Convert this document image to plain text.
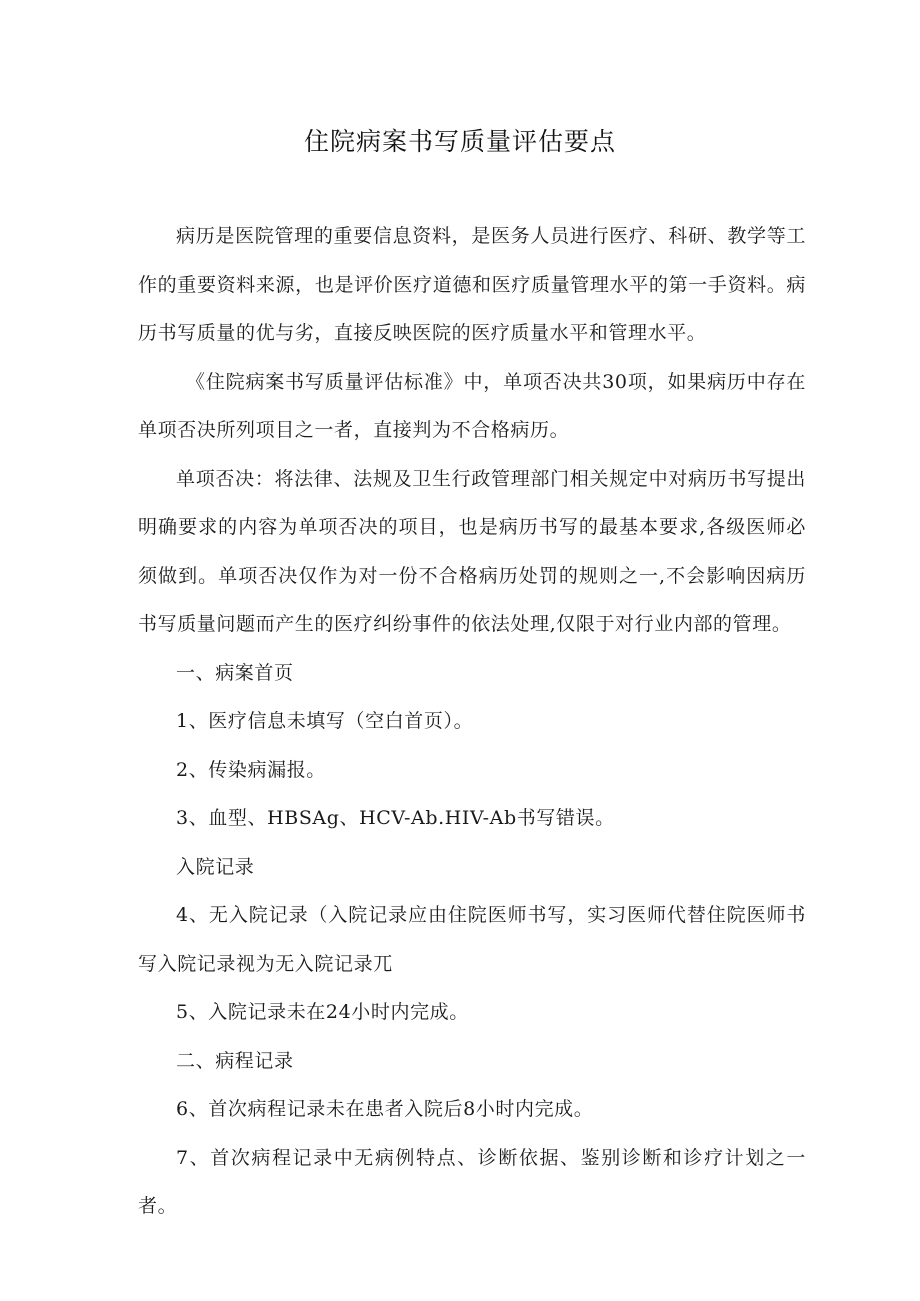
住院病案书写质量评估要点

病历是医院管理的重要信息资料，是医务人员进行医疗、科研、教学等工作的重要资料来源，也是评价医疗道德和医疗质量管理水平的第一手资料。病历书写质量的优与劣，直接反映医院的医疗质量水平和管理水平。

《住院病案书写质量评估标准》中，单项否决共30项，如果病历中存在单项否决所列项目之一者，直接判为不合格病历。

单项否决：将法律、法规及卫生行政管理部门相关规定中对病历书写提出明确要求的内容为单项否决的项目，也是病历书写的最基本要求,各级医师必须做到。单项否决仅作为对一份不合格病历处罚的规则之一,不会影响因病历书写质量问题而产生的医疗纠纷事件的依法处理,仅限于对行业内部的管理。

一、病案首页

1、医疗信息未填写（空白首页）。

2、传染病漏报。

3、血型、HBSAg、HCV-Ab.HIV-Ab书写错误。

入院记录

4、无入院记录（入院记录应由住院医师书写，实习医师代替住院医师书写入院记录视为无入院记录兀

5、入院记录未在24小时内完成。

二、病程记录

6、首次病程记录未在患者入院后8小时内完成。

7、首次病程记录中无病例特点、诊断依据、鉴别诊断和诊疗计划之一者。
